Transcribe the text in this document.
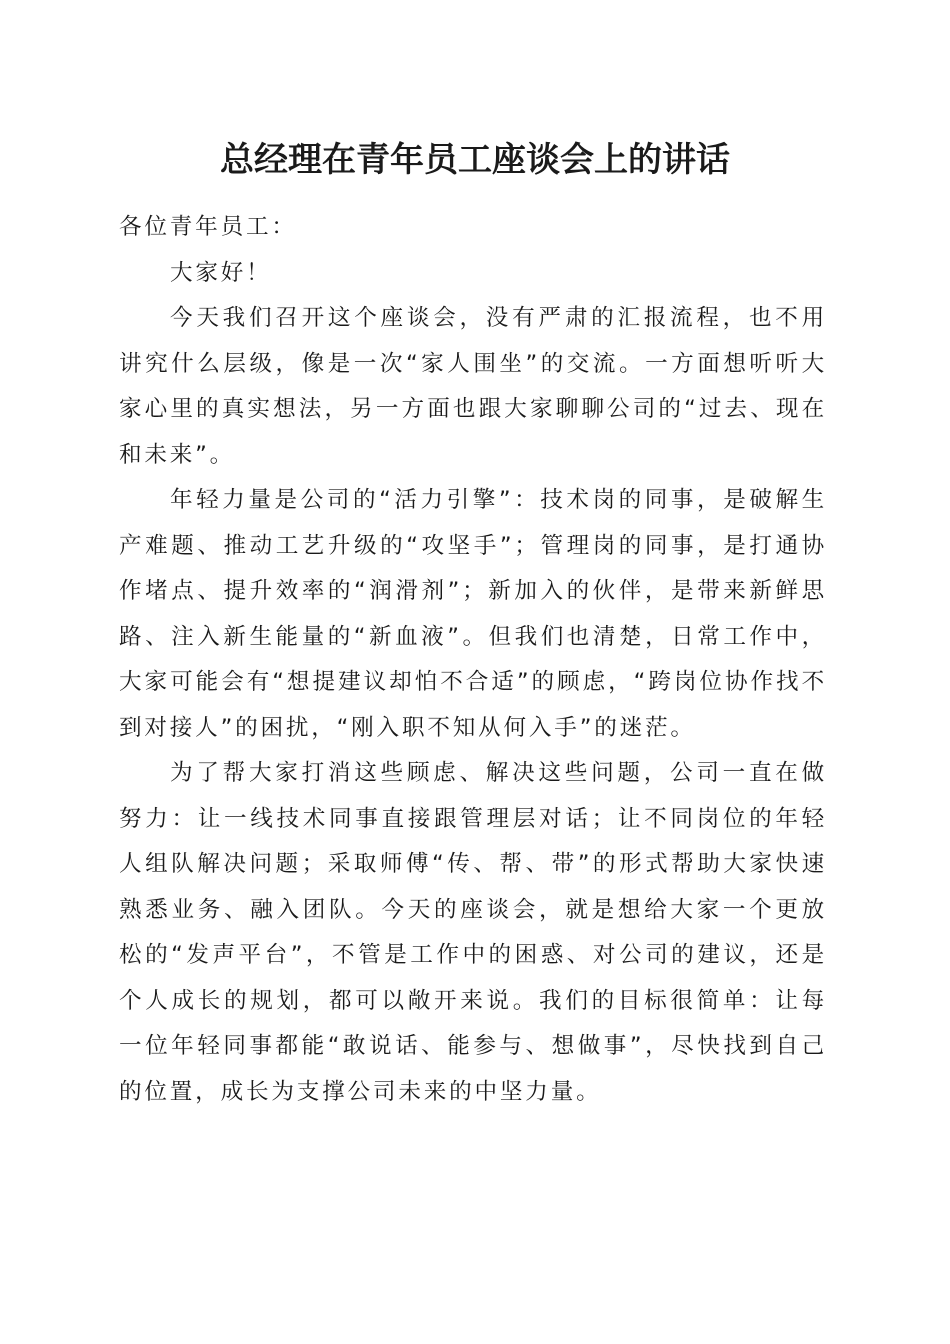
总经理在青年员工座谈会上的讲话

各位青年员工：

大家好！

今天我们召开这个座谈会，没有严肃的汇报流程，也不用讲究什么层级，像是一次“家人围坐”的交流。一方面想听听大家心里的真实想法，另一方面也跟大家聊聊公司的“过去、现在和未来”。

年轻力量是公司的“活力引擎”：技术岗的同事，是破解生产难题、推动工艺升级的“攻坚手”；管理岗的同事，是打通协作堵点、提升效率的“润滑剂”；新加入的伙伴，是带来新鲜思路、注入新生能量的“新血液”。但我们也清楚，日常工作中，大家可能会有“想提建议却怕不合适”的顾虑，“跨岗位协作找不到对接人”的困扰，“刚入职不知从何入手”的迷茫。

为了帮大家打消这些顾虑、解决这些问题，公司一直在做努力：让一线技术同事直接跟管理层对话；让不同岗位的年轻人组队解决问题；采取师傅“传、帮、带”的形式帮助大家快速熟悉业务、融入团队。今天的座谈会，就是想给大家一个更放松的“发声平台”，不管是工作中的困惑、对公司的建议，还是个人成长的规划，都可以敞开来说。我们的目标很简单：让每一位年轻同事都能“敢说话、能参与、想做事”，尽快找到自己的位置，成长为支撑公司未来的中坚力量。
